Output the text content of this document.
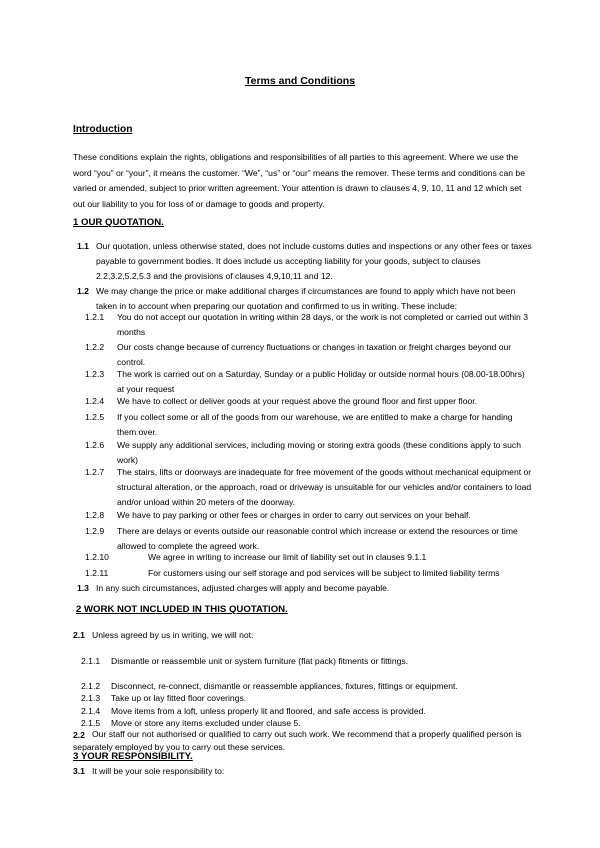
Terms and Conditions
Introduction
These conditions explain the rights, obligations and responsibilities of all parties to this agreement. Where we use the word “you” or “your”, it means the customer. “We”, “us” or “our” means the remover. These terms and conditions can be varied or amended, subject to prior written agreement. Your attention is drawn to clauses 4, 9, 10, 11 and 12 which set out our liability to you for loss of or damage to goods and property.
1 OUR QUOTATION.
1.1 Our quotation, unless otherwise stated, does not include customs duties and inspections or any other fees or taxes payable to government bodies. It does include us accepting liability for your goods, subject to clauses 2.2,3.2,5.2,5.3 and the provisions of clauses 4,9,10,11 and 12.
1.2 We may change the price or make additional charges if circumstances are found to apply which have not been taken in to account when preparing our quotation and confirmed to us in writing. These include:
1.2.1 You do not accept our quotation in writing within 28 days, or the work is not completed or carried out within 3 months
1.2.2 Our costs change because of currency fluctuations or changes in taxation or freight charges beyond our control.
1.2.3 The work is carried out on a Saturday, Sunday or a public Holiday or outside normal hours (08.00-18.00hrs) at your request
1.2.4 We have to collect or deliver goods at your request above the ground floor and first upper floor.
1.2.5 If you collect some or all of the goods from our warehouse, we are entitled to make a charge for handing them over.
1.2.6 We supply any additional services, including moving or storing extra goods (these conditions apply to such work)
1.2.7 The stairs, lifts or doorways are inadequate for free movement of the goods without mechanical equipment or structural alteration, or the approach, road or driveway is unsuitable for our vehicles and/or containers to load and/or unload within 20 meters of the doorway.
1.2.8 We have to pay parking or other fees or charges in order to carry out services on your behalf.
1.2.9 There are delays or events outside our reasonable control which increase or extend the resources or time allowed to complete the agreed work.
1.2.10	We agree in writing to increase our limit of liability set out in clauses 9.1.1
1.2.11	For customers using our self storage and pod services will be subject to limited liability terms
1.3 In any such circumstances, adjusted charges will apply and become payable.
2 WORK NOT INCLUDED IN THIS QUOTATION.
2.1 Unless agreed by us in writing, we will not:
2.1.1 Dismantle or reassemble unit or system furniture (flat pack) fitments or fittings.
2.1.2 Disconnect, re-connect, dismantle or reassemble appliances, fixtures, fittings or equipment.
2.1.3 Take up or lay fitted floor coverings.
2.1.4 Move items from a loft, unless properly lit and floored, and safe access is provided.
2.1.5 Move or store any items excluded under clause 5.
2.2 Our staff our not authorised or qualified to carry out such work. We recommend that a properly qualified person is separately employed by you to carry out these services.
3 YOUR RESPONSIBILITY.
3.1 It will be your sole responsibility to:
